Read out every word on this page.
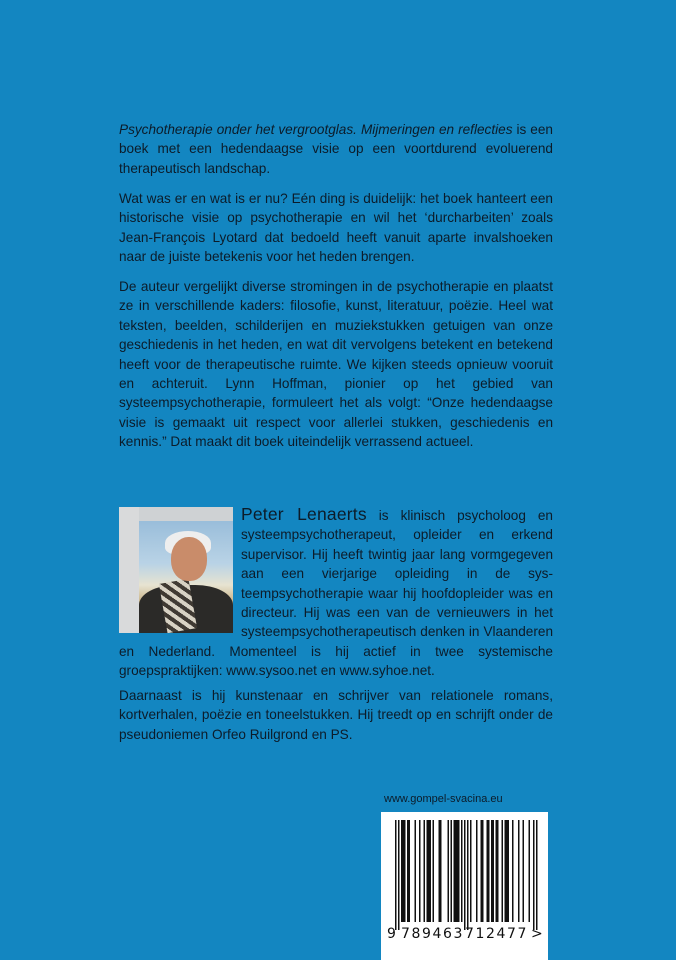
Psychotherapie onder het vergrootglas. Mijmeringen en reflecties is een boek met een hedendaagse visie op een voortdurend evoluerend therapeutisch landschap.

Wat was er en wat is er nu? Eén ding is duidelijk: het boek hanteert een historische visie op psychotherapie en wil het ‘durcharbeiten’ zoals Jean-François Lyotard dat bedoeld heeft vanuit aparte invalshoeken naar de juiste betekenis voor het heden brengen.

De auteur vergelijkt diverse stromingen in de psychotherapie en plaatst ze in verschillende kaders: filosofie, kunst, literatuur, poëzie. Heel wat teksten, beelden, schilderijen en muziekstukken getuigen van onze geschiedenis in het heden, en wat dit vervolgens betekent en betekend heeft voor de therapeutische ruimte. We kijken steeds opnieuw vooruit en achteruit. Lynn Hoffman, pionier op het gebied van systeempsychotherapie, formuleert het als volgt: “Onze hedendaagse visie is gemaakt uit respect voor allerlei stukken, geschiedenis en kennis.” Dat maakt dit boek uiteindelijk verrassend actueel.

Peter Lenaerts is klinisch psycholoog en systeempsychotherapeut, opleider en erkend supervisor. Hij heeft twintig jaar lang vormgegeven aan een vierjarige opleiding in de systeempsychotherapie waar hij hoofdopleider was en directeur. Hij was een van de vernieuwers in het systeempsychotherapeutisch denken in Vlaanderen en Nederland. Momenteel is hij actief in twee systemische groepspraktijken: www.sysoo.net en www.syhoe.net.

Daarnaast is hij kunstenaar en schrijver van relationele romans, kortverhalen, poëzie en toneelstukken. Hij treedt op en schrijft onder de pseudoniemen Orfeo Ruilgrond en PS.

www.gompel-svacina.eu
9 789463 712477 >
